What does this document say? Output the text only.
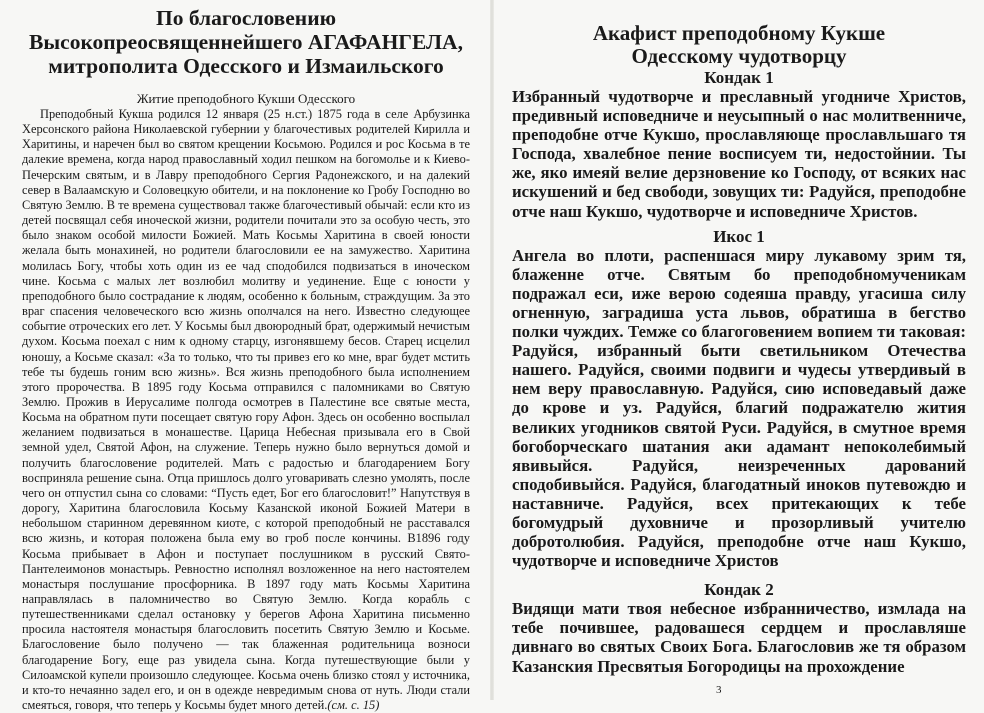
По благословению
Высокопреосвященнейшего АГАФАНГЕЛА,
митрополита Одесского и Измаильского
Житие преподобного Кукши Одесского

Преподобный Кукша родился 12 января (25 н.ст.) 1875 года в селе Арбузинка Херсонского района Николаевской губернии у благочестивых родителей Кирилла и Харитины, и наречен был во святом крещении Косьмою. Родился и рос Косьма в те далекие времена, когда народ православный ходил пешком на богомолье и к Киево-Печерским святым, и в Лавру преподобного Сергия Радонежского, и на далекий север в Валаамскую и Соловецкую обители, и на поклонение ко Гробу Господню во Святую Землю. В те времена существовал также благочестивый обычай: если кто из детей посвящал себя иноческой жизни, родители почитали это за особую честь, это было знаком особой милости Божией. Мать Косьмы Харитина в своей юности желала быть монахиней, но родители благословили ее на замужество. Харитина молилась Богу, чтобы хоть один из ее чад сподобился подвизаться в иноческом чине. Косьма с малых лет возлюбил молитву и уединение. Еще с юности у преподобного было сострадание к людям, особенно к больным, страждущим. За это враг спасения человеческого всю жизнь ополчался на него. Известно следующее событие отроческих его лет. У Косьмы был двоюродный брат, одержимый нечистым духом. Косьма поехал с ним к одному старцу, изгонявшему бесов. Старец исцелил юношу, а Косьме сказал: «За то только, что ты привез его ко мне, враг будет мстить тебе ты будешь гоним всю жизнь». Вся жизнь преподобного была исполнением этого пророчества. В 1895 году Косьма отправился с паломниками во Святую Землю. Прожив в Иерусалиме полгода осмотрев в Палестине все святые места, Косьма на обратном пути посещает святую гору Афон. Здесь он особенно воспылал желанием подвизаться в монашестве. Царица Небесная призывала его в Свой земной удел, Святой Афон, на служение. Теперь нужно было вернуться домой и получить благословение родителей. Мать с радостью и благодарением Богу восприняла решение сына. Отца пришлось долго уговаривать слезно умолять, после чего он отпустил сына со словами: “Пусть едет, Бог его благословит!” Напутствуя в дорогу, Харитина благословила Косьму Казанской иконой Божией Матери в небольшом старинном деревянном киоте, с которой преподобный не расставался всю жизнь, и которая положена была ему во гроб после кончины. В1896 году Косьма прибывает в Афон и поступает послушником в русский Свято-Пантелеимонов монастырь. Ревностно исполнял возложенное на него настоятелем монастыря послушание просфорника. В 1897 году мать Косьмы Харитина направлялась в паломничество во Святую Землю. Когда корабль с путешественниками сделал остановку у берегов Афона Харитина письменно просила настоятеля монастыря благословить посетить Святую Землю и Косьме. Благословение было получено — так блаженная родительница возноси благодарение Богу, еще раз увидела сына. Когда путешествующие были у Силоамской купели произошло следующее. Косьма очень близко стоял у источника, и кто-то нечаянно задел его, и он в одежде невредимым снова от нуть. Люди стали смеяться, говоря, что теперь у Косьмы будет много детей.(см. с. 15)

Акафист преподобному Кукше
Одесскому чудотворцу
Кондак 1

Избранный чудотворче и преславный угодниче Христов, предивный исповедниче и неусыпный о нас молитвенниче, преподобне отче Кукшо, прославляюще прославльшаго тя Господа, хвалебное пение восписуем ти, недостойнии. Ты же, яко имеяй велие дерзновение ко Господу, от всяких нас искушений и бед свободи, зовущих ти: Радуйся, преподобне отче наш Кукшо, чудотворче и исповедниче Христов.

Икос 1

Ангела во плоти, распеншася миру лукавому зрим тя, блаженне отче. Святым бо преподобномученикам подражал еси, иже верою содеяша правду, угасиша силу огненную, заградиша уста львов, обратиша в бегство полки чуждих. Темже со благоговением вопием ти таковая: Радуйся, избранный быти светильником Отечества нашего. Радуйся, своими подвиги и чудесы утвердивый в нем веру православную. Радуйся, сию исповедавый даже до крове и уз. Радуйся, благий подражателю жития великих угодников святой Руси. Радуйся, в смутное время богоборческаго шатания аки адамант непоколебимый явивыйся. Радуйся, неизреченных дарований сподобивыйся. Радуйся, благодатный иноков путевождю и наставниче. Радуйся, всех притекающих к тебе богомудрый духовниче и прозорливый учителю добротолюбия. Радуйся, преподобне отче наш Кукшо, чудотворче и исповедниче Христов

Кондак 2

Видящи мати твоя небесное избранничество, измлада на тебе почившее, радовашеся сердцем и прославляше дивнаго во святых Своих Бога. Благословив же тя образом Казанския Пресвятыя Богородицы на прохождение

3
